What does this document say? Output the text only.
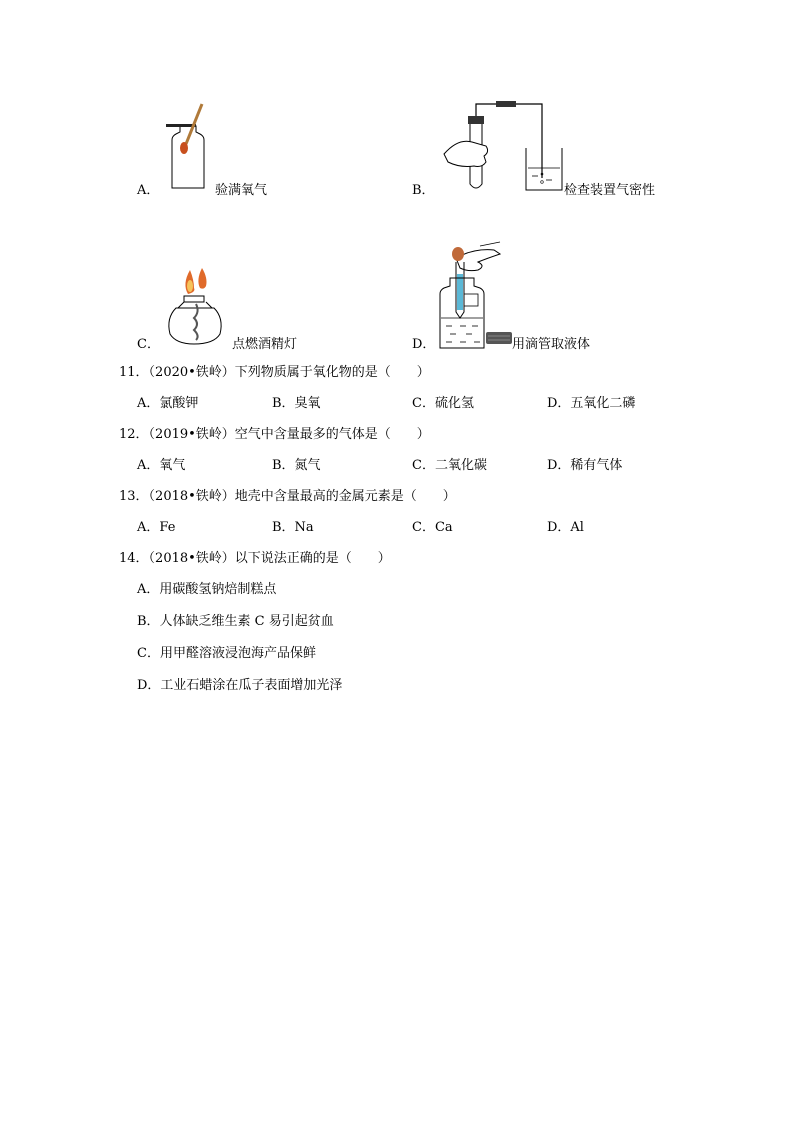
A．	验满氧气	B．	检查装置气密性
C．	点燃酒精灯	D．	用滴管取液体
11．（2020•铁岭）下列物质属于氧化物的是（　　）
A．氯酸钾	B．臭氧	C．硫化氢	D．五氧化二磷
12．（2019•铁岭）空气中含量最多的气体是（　　）
A．氧气	B．氮气	C．二氧化碳	D．稀有气体
13．（2018•铁岭）地壳中含量最高的金属元素是（　　）
A．Fe	B．Na	C．Ca	D．Al
14．（2018•铁岭）以下说法正确的是（　　）
A．用碳酸氢钠焙制糕点
B．人体缺乏维生素 C 易引起贫血
C．用甲醛溶液浸泡海产品保鲜
D．工业石蜡涂在瓜子表面增加光泽
